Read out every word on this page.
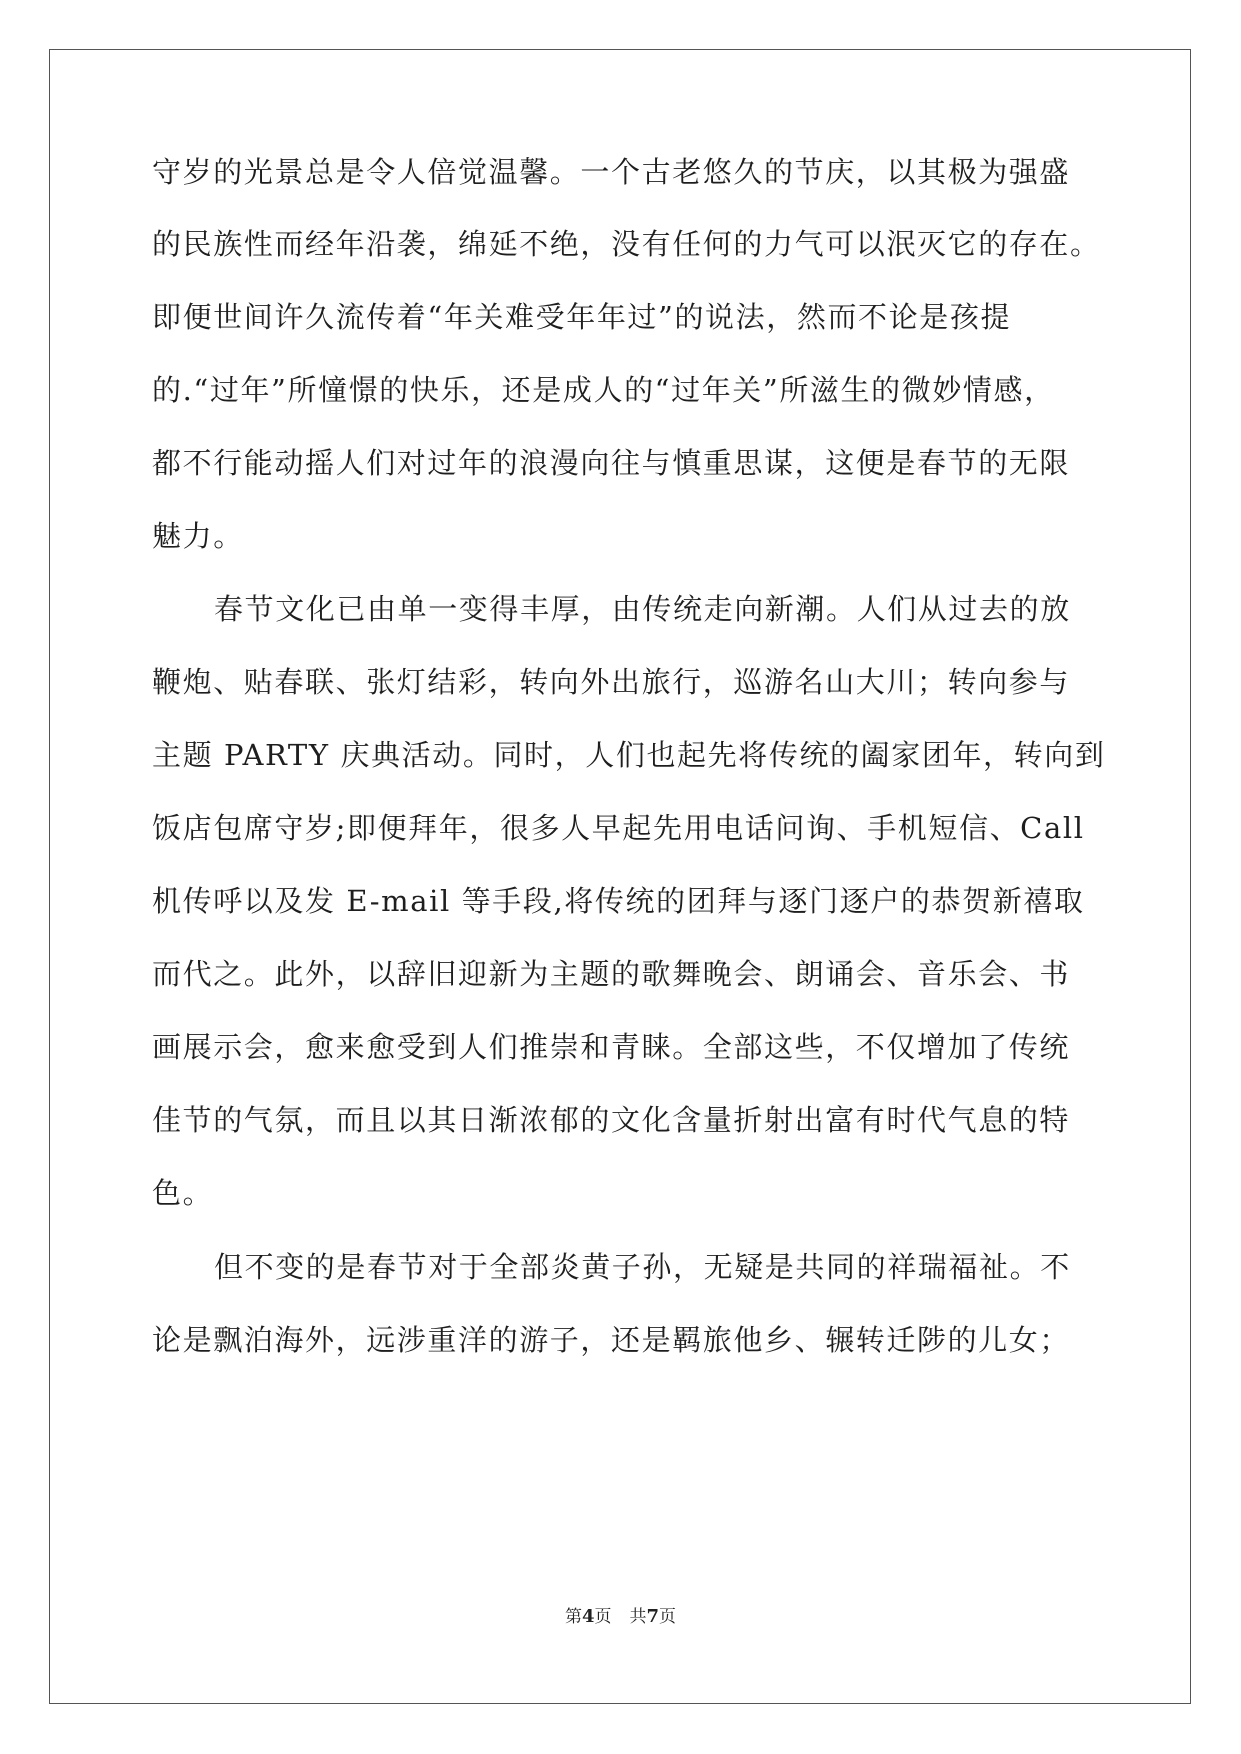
守岁的光景总是令人倍觉温馨。一个古老悠久的节庆，以其极为强盛
的民族性而经年沿袭，绵延不绝，没有任何的力气可以泯灭它的存在。
即便世间许久流传着“年关难受年年过”的说法，然而不论是孩提
的.“过年”所憧憬的快乐，还是成人的“过年关”所滋生的微妙情感，
都不行能动摇人们对过年的浪漫向往与慎重思谋，这便是春节的无限
魅力。
春节文化已由单一变得丰厚，由传统走向新潮。人们从过去的放
鞭炮、贴春联、张灯结彩，转向外出旅行，巡游名山大川；转向参与
主题 PARTY 庆典活动。同时，人们也起先将传统的阖家团年，转向到
饭店包席守岁;即便拜年，很多人早起先用电话问询、手机短信、Call
机传呼以及发 E-mail 等手段,将传统的团拜与逐门逐户的恭贺新禧取
而代之。此外，以辞旧迎新为主题的歌舞晚会、朗诵会、音乐会、书
画展示会，愈来愈受到人们推崇和青睐。全部这些，不仅增加了传统
佳节的气氛，而且以其日渐浓郁的文化含量折射出富有时代气息的特
色。
但不变的是春节对于全部炎黄子孙，无疑是共同的祥瑞福祉。不
论是飘泊海外，远涉重洋的游子，还是羁旅他乡、辗转迁陟的儿女；
第4页 共7页
